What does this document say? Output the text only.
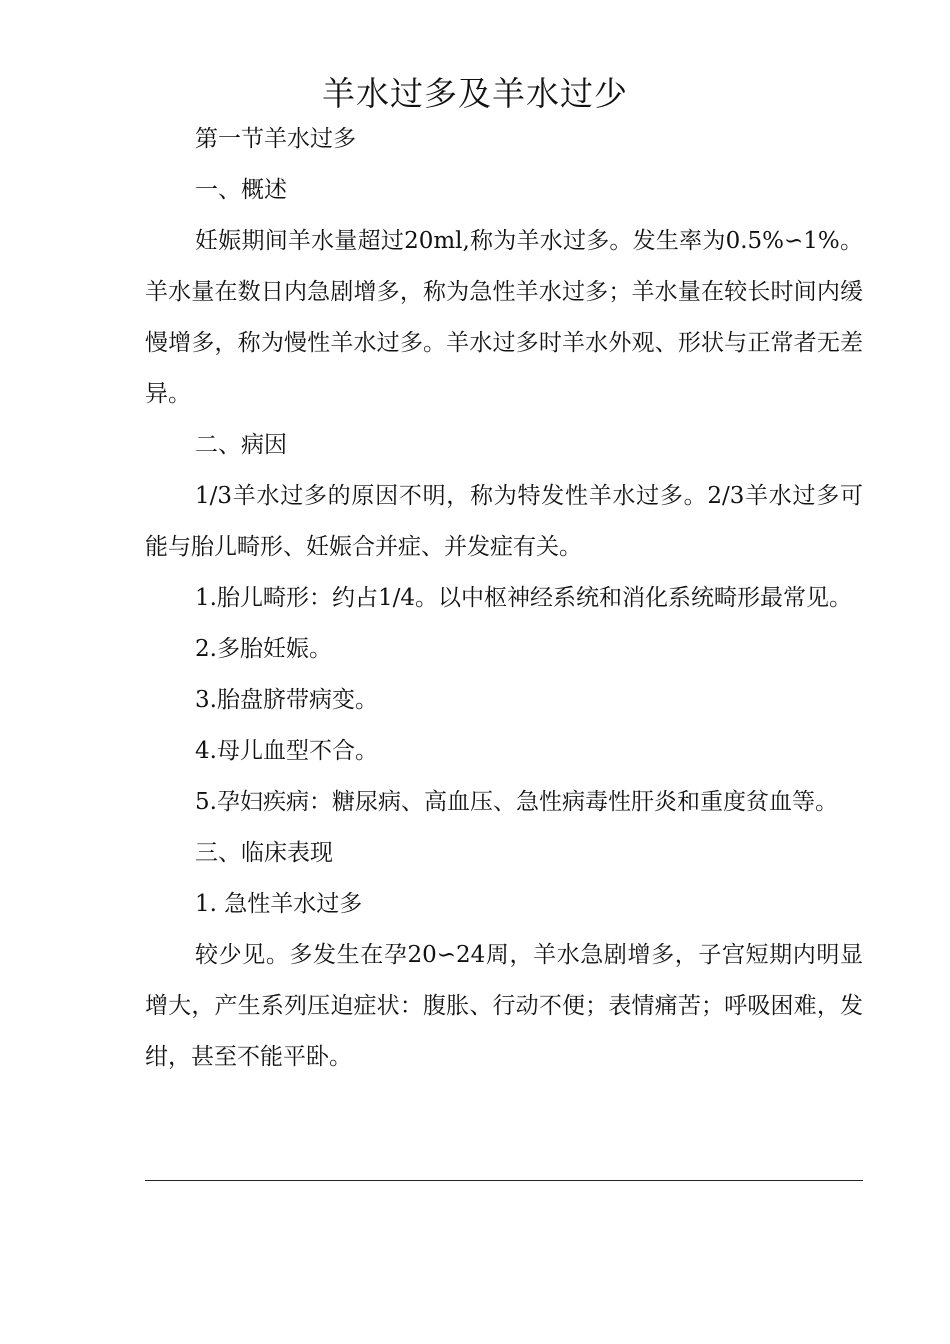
羊水过多及羊水过少

第一节羊水过多

一、概述

妊娠期间羊水量超过20ml,称为羊水过多。发生率为0.5%∽1%。羊水量在数日内急剧增多，称为急性羊水过多；羊水量在较长时间内缓慢增多，称为慢性羊水过多。羊水过多时羊水外观、形状与正常者无差异。

二、病因

1/3羊水过多的原因不明，称为特发性羊水过多。2/3羊水过多可能与胎儿畸形、妊娠合并症、并发症有关。

1.胎儿畸形：约占1/4。以中枢神经系统和消化系统畸形最常见。

2.多胎妊娠。

3.胎盘脐带病变。

4.母儿血型不合。

5.孕妇疾病：糖尿病、高血压、急性病毒性肝炎和重度贫血等。

三、临床表现

1. 急性羊水过多

较少见。多发生在孕20∽24周，羊水急剧增多，子宫短期内明显增大，产生系列压迫症状：腹胀、行动不便；表情痛苦；呼吸困难，发绀，甚至不能平卧。
